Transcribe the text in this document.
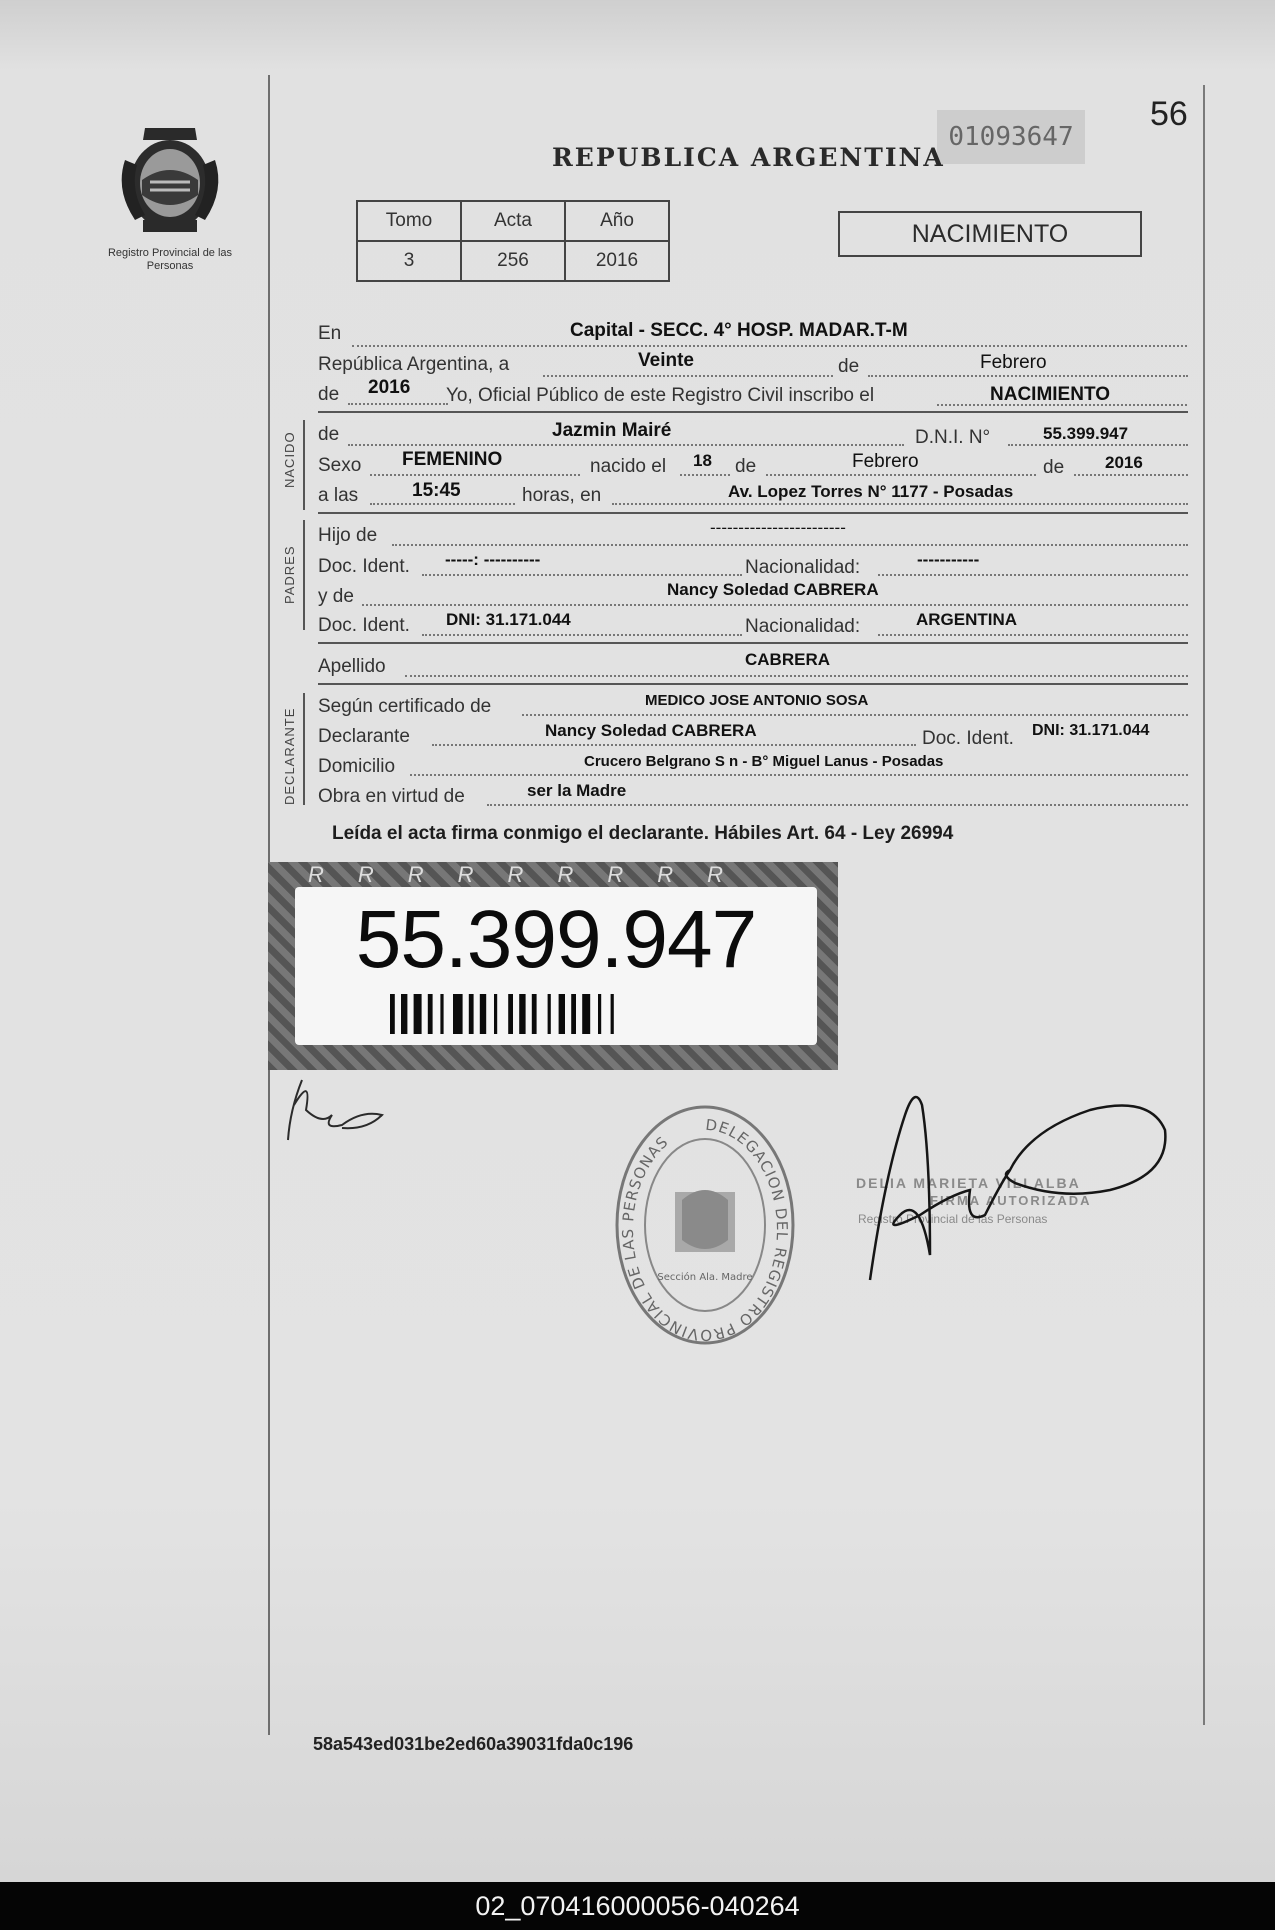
Registro Provincial de las Personas
56
01093647
REPUBLICA ARGENTINA
Tomo	Acta	Año
3	256	2016
NACIMIENTO
NACIDO
PADRES
DECLARANTE
En	Capital - SECC. 4° HOSP. MADAR.T-M
República Argentina, a	Veinte	de	Febrero
de 2016 Yo, Oficial Público de este Registro Civil inscribo el	NACIMIENTO
de	Jazmin Mairé	D.N.I. N°	55.399.947
Sexo FEMENINO	nacido el 18 de	Febrero	de 2016
a las	15:45	horas, en	Av. Lopez Torres N° 1177 - Posadas
Hijo de	------------------------
Doc. Ident. -----: ----------	Nacionalidad:	-----------
y de	Nancy Soledad CABRERA
Doc. Ident. DNI: 31.171.044	Nacionalidad:	ARGENTINA
Apellido	CABRERA
Según certificado de	MEDICO JOSE ANTONIO SOSA
Declarante	Nancy Soledad CABRERA	Doc. Ident. DNI: 31.171.044
Domicilio	Crucero Belgrano S n - B° Miguel Lanus - Posadas
Obra en virtud de	ser la Madre
Leída el acta firma conmigo el declarante. Hábiles Art. 64 - Ley 26994
RRRRRRRRR
55.399.947
DELEGACION DEL REGISTRO PROVINCIAL DE LAS PERSONAS
Sección Ala. Madre
DELIA MARIETA VILLALBA
FIRMA AUTORIZADA
Registro Provincial de las Personas
58a543ed031be2ed60a39031fda0c196
02_070416000056-040264
